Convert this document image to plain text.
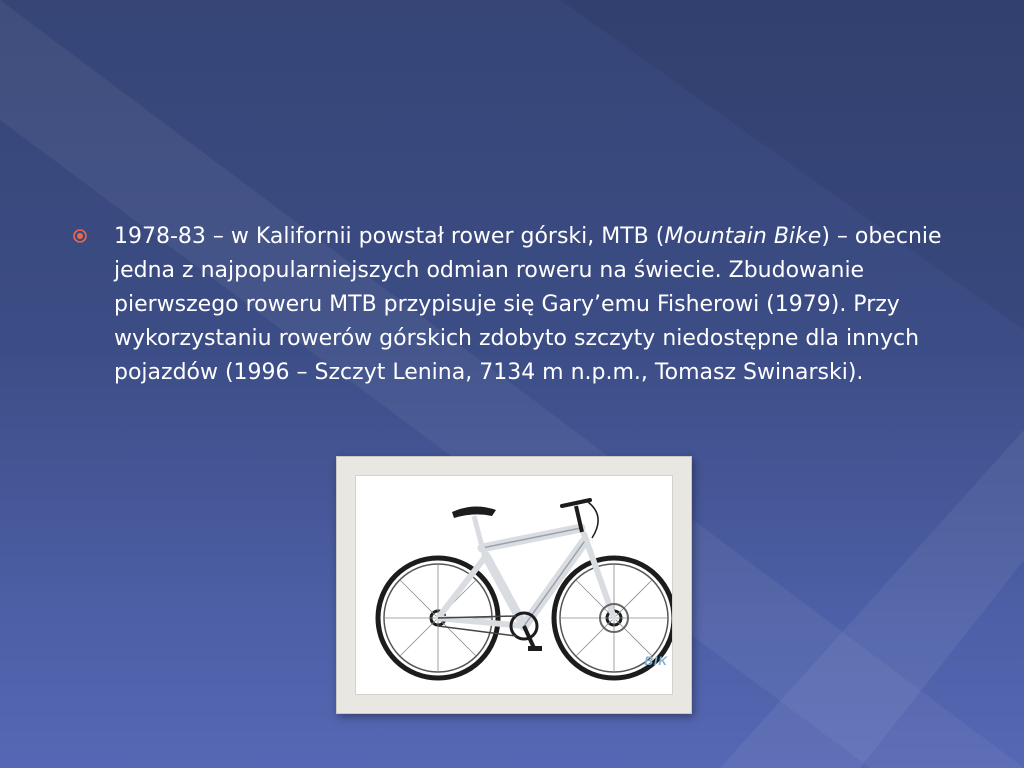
1978-83 – w Kalifornii powstał rower górski, MTB (Mountain Bike) – obecnie jedna z najpopularniejszych odmian roweru na świecie. Zbudowanie pierwszego roweru MTB przypisuje się Gary’emu Fisherowi (1979). Przy wykorzystaniu rowerów górskich zdobyto szczyty niedostępne dla innych pojazdów (1996 – Szczyt Lenina, 7134 m n.p.m., Tomasz Swinarski).

BIK
